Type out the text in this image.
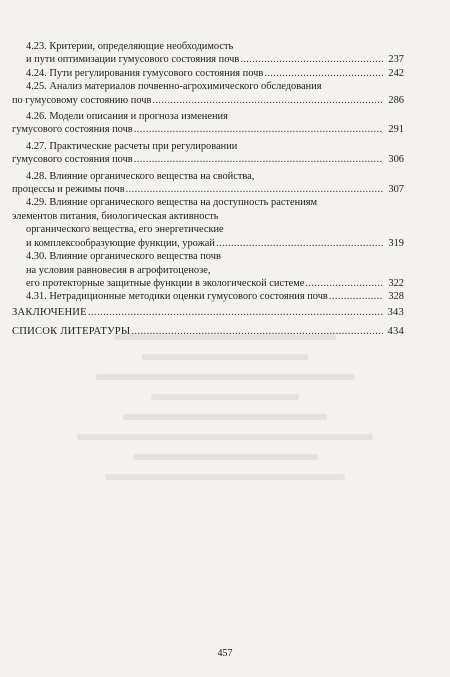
4.23. Критерии, определяющие необходимость
и пути оптимизации гумусового состояния почв .....	237
4.24. Пути регулирования гумусового состояния почв .....	242
4.25. Анализ материалов почвенно-агрохимического обследования
по гумусовому состоянию почв .....	286
4.26. Модели описания и прогноза изменения
гумусового состояния почв .....	291
4.27. Практические расчеты при регулировании
гумусового состояния почв .....	306
4.28. Влияние органического вещества на свойства,
процессы и режимы почв .....	307
4.29. Влияние органического вещества на доступность растениям
элементов питания, биологическая активность
органического вещества, его энергетические
и комплексообразующие функции, урожай .....	319
4.30. Влияние органического вещества почв
на условия равновесия в агрофитоценозе,
его протекторные защитные функции в экологической системе .....	322
4.31. Нетрадиционные методики оценки гумусового состояния почв .....	328
ЗАКЛЮЧЕНИЕ .....	343
СПИСОК ЛИТЕРАТУРЫ .....	434
457
